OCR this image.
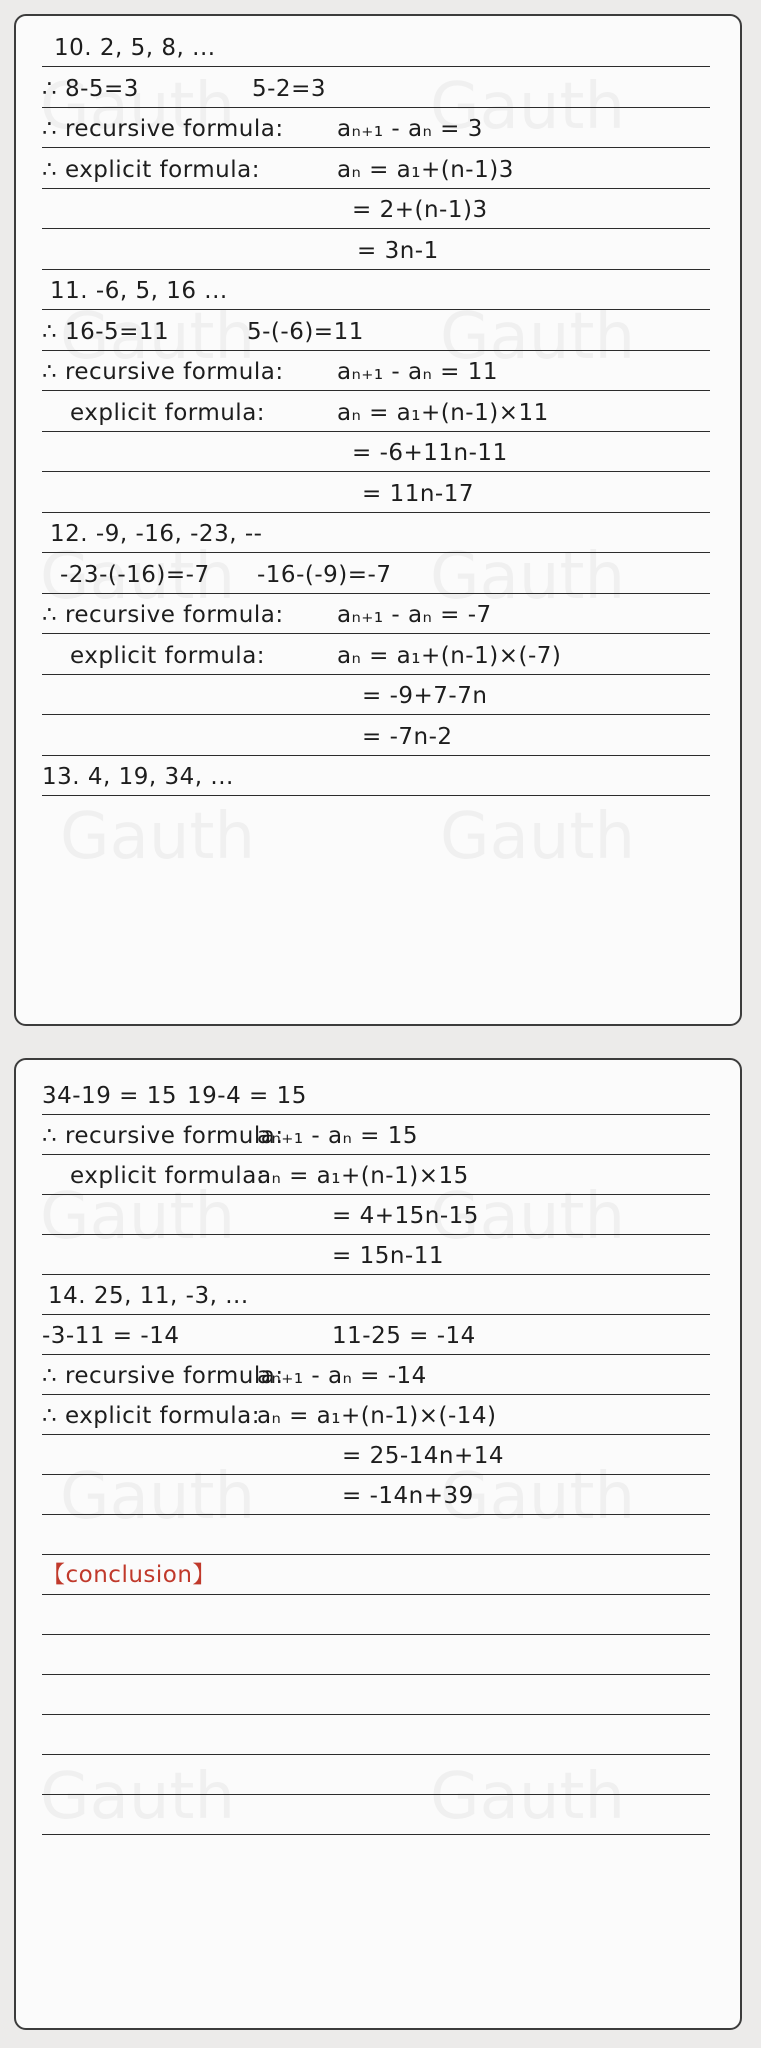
10. 2, 5, 8, ...
∴ 8-5=3	5-2=3
∴ recursive formula: aₙ₊₁ - aₙ = 3
∴ explicit formula:	aₙ = a₁+(n-1)3
= 2+(n-1)3
= 3n-1
11. -6, 5, 16 ...
∴ 16-5=11	5-(-6)=11
∴ recursive formula: aₙ₊₁ - aₙ = 11
explicit formula:	aₙ = a₁+(n-1)×11
= -6+11n-11
= 11n-17
12. -9, -16, -23, --
-23-(-16)=-7 -16-(-9)=-7
∴ recursive formula: aₙ₊₁ - aₙ = -7
explicit formula:	aₙ = a₁+(n-1)×(-7)
= -9+7-7n
= -7n-2
13. 4, 19, 34, ...
34-19 = 15 19-4 = 15
∴ recursive formula:
aₙ₊₁ - aₙ = 15
explicit formula:
aₙ = a₁+(n-1)×15
= 4+15n-15
= 15n-11
14. 25, 11, -3, ...
-3-11 = -14	11-25 = -14
∴ recursive formula:
aₙ₊₁ - aₙ = -14
∴ explicit formula:
aₙ = a₁+(n-1)×(-14)
= 25-14n+14
= -14n+39
【conclusion】
